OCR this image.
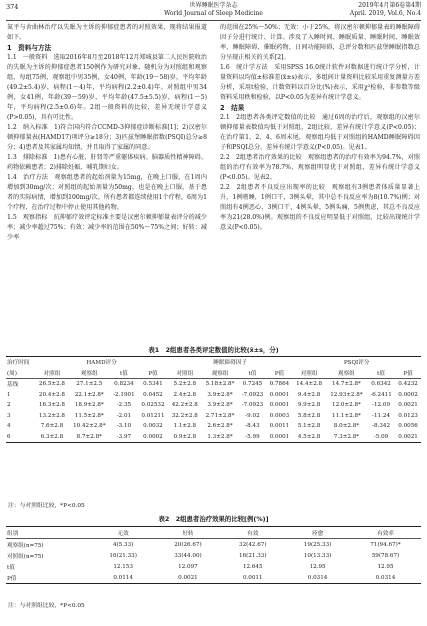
374	世界睡眠医学杂志
World Journal of Sleep Medicine
2019年4月第6卷第4期
April. 2019, Vol.6, No.4

氮平与舍曲林治疗以失眠为主诉的抑郁症患者的对照效果，现将结果报道如下。

1　资料与方法

1.1　一般资料　选取2016年8月至2018年12月郑城县第二人民医院收治的失眠为主诉的抑郁症患者150例作为研究对象，随机分为对照组和观察组，每组75例，观察组中男35例，女40例，年龄(19～58)岁，平均年龄(49.2±5.4)岁，病程(1～4)年，平均病程(2.2±0.4)年。对照组中男34例，女41例，年龄(39～59)岁，平均年龄(47.5±5.5)岁，病程(1～5)年，平均病程(2.5±0.6)年。2组一般资料的比较，差异无统计学意义(P>0.05)，具有可比性。

1.2　纳入标准　1)符合国内符合CCMD-3抑郁症诊断标准[1]；2)汉密尔顿抑郁量表(HAMD17)项评分≥18分；3)匹兹堡睡眠指数(PSQI)总分≥8分；4)患者及其家属均知情，并且取得了家属的同意。

1.3　排除标准　1)患有心脏、肝肾等严重躯体疾病、脑器质性精神障碍、药物依赖患者；2)排除妊娠、哺乳期妇女。

1.4　治疗方法　观察组患者的起始剂量为15mg，在晚上口服，在1周内增加到30mg/次；对照组的起始剂量为50mg，也是在晚上口服，基于患者的实际病情，增加到100mg/次。所有患者都连续使用1个疗程，6周为1个疗程，在治疗过程中停止使用其他药物。

1.5　观察指标　抗抑郁疗效评定标准主要是汉密尔顿抑郁量表评分的减少率；减少率超过75%；有效：减少率的范围在50%～75%之间；好转：减少率

的范围在25%～50%；无效：小于25%。将汉密尔顿抑郁量表的睡眠障碍因子分进行统计、计算。涉及了入睡时间、睡眠质量、睡眠时间、睡眠效率、睡眠障碍、催眠药物、日间功能障碍，总评分数和匹兹堡睡眠指数总分呈现正相关的关系[2]。

1.6　统计学方法　采用SPSS 16.0统计软件对数据进行统计学分析，计量资料以均值±标准差(x̄±s)表示，多组间计量资料比较采用重复测量方差分析，采用t检验，计数资料以百分比(%)表示，采用χ²检验，非参数等级资料采用秩和检验，以P<0.05为差异有统计学意义。

2　结果

2.1　2组患者各类评定数值的比较　通过6周的治疗后，观察组的汉密尔顿抑郁量表数值均低于对照组，2组比较，差异有统计学意义(P<0.05)；在治疗第1、2、4、6周末尾，观察组均低于对照组的HAMD睡眠障碍因子和PSQI总分，差异有统计学意义(P<0.05)。见表1。

2.2　2组患者治疗效果的比较　观察组患者的治疗有效率为94.7%，对照组的治疗有效率为78.7%，观察组明显优于对照组，差异有统计学意义(P<0.05)。见表2。

2.2　2组患者不良反应出现率的比较　观察组有3例患者体质量显著上升，1例嗜睡，1例口干，3例头晕，其中总不良反应率为8(10.7%)例；对照组有4例恶心，3例口干，4例头晕，5例头痛，5例焦虑，其总不良反应率为21(28.0%)例。观察组的不良反应明显低于对照组，比较出现统计学意义(P<0.05)。

表1　2组患者各类评定数值的比较(x̄±s，分)
治疗时间	HAMD评分				睡眠障碍因子				PSQI评分			
(周)	对照组	观察组	t值	P值	对照组	观察组	t值	P值	对照组	观察组	t值	P值
基线	26.5±2.8	27.1±2.5	0.8234	0.5341	5.2±2.8	5.18±2.8*	0.7245	0.7864	14.4±2.8	14.7±2.8*	0.6342	0.4232
1	20.4±2.8	22.1±2.8*	-2.1901	0.0452	2.4±2.8	3.9±2.8*	-7.0923	0.0001	9.4±2.8	12.93±2.8*	-6.2411	0.0002
2	16.3±2.8	18.9±2.8*	-2.35	0.02532	42.2±2.8	3.9±2.8*	-7.0923	0.0001	9.9±2.8	12.0±2.8*	-12.09	0.0021
3	13.2±2.8	11.5±2.8*	-2.01	0.01211	32.2±2.8	2.71±2.8*	-9.02	0.0003	5.8±2.8	11.1±2.8*	-11.24	0.0123
4	7.6±2.8	10.42±2.8*	-3.10	0.0032	1.1±2.8	2.6±2.8*	-8.43	0.0011	5.1±2.8	8.0±2.8*	-8.342	0.0056
6	6.3±2.8	8.7±2.8*	-3.97	0.0002	0.9±2.8	1.3±2.8*	-5.99	0.0001	4.5±2.8	7.3±2.8*	-5.09	0.0021
注：与对照组比较，*P<0.05
表2　2组患者治疗效果的比较[例(%)]
组别	无效	好转	有效	痊愈	有效率
观察组(n=75)	4(5.33)	20(26.67)	32(42.67)	19(25.33)	71(94.67)*
对照组(n=75)	16(21.33)	33(44.00)	16(21.33)	10(13.33)	59(78.67)
t值	12.153	12.097	12.645	12.95	12.95
P值	0.0114	0.0021	0.0011	0.0314	0.0314
注：与对照组比较，*P<0.05
